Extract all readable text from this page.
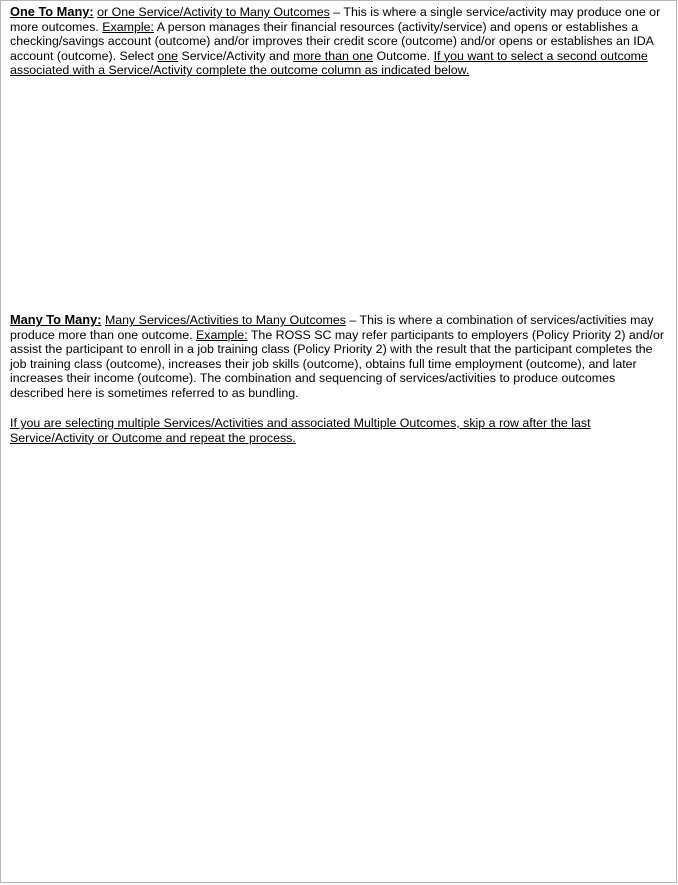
One To Many: or One Service/Activity to Many Outcomes – This is where a single service/activity may produce one or more outcomes. Example: A person manages their financial resources (activity/service) and opens or establishes a checking/savings account (outcome) and/or improves their credit score (outcome) and/or opens or establishes an IDA account (outcome). Select one Service/Activity and more than one Outcome. If you want to select a second outcome associated with a Service/Activity complete the outcome column as indicated below.

Many To Many: Many Services/Activities to Many Outcomes – This is where a combination of services/activities may produce more than one outcome. Example: The ROSS SC may refer participants to employers (Policy Priority 2) and/or assist the participant to enroll in a job training class (Policy Priority 2) with the result that the participant completes the job training class (outcome), increases their job skills (outcome), obtains full time employment (outcome), and later increases their income (outcome). The combination and sequencing of services/activities to produce outcomes described here is sometimes referred to as bundling.

If you are selecting multiple Services/Activities and associated Multiple Outcomes, skip a row after the last Service/Activity or Outcome and repeat the process.
